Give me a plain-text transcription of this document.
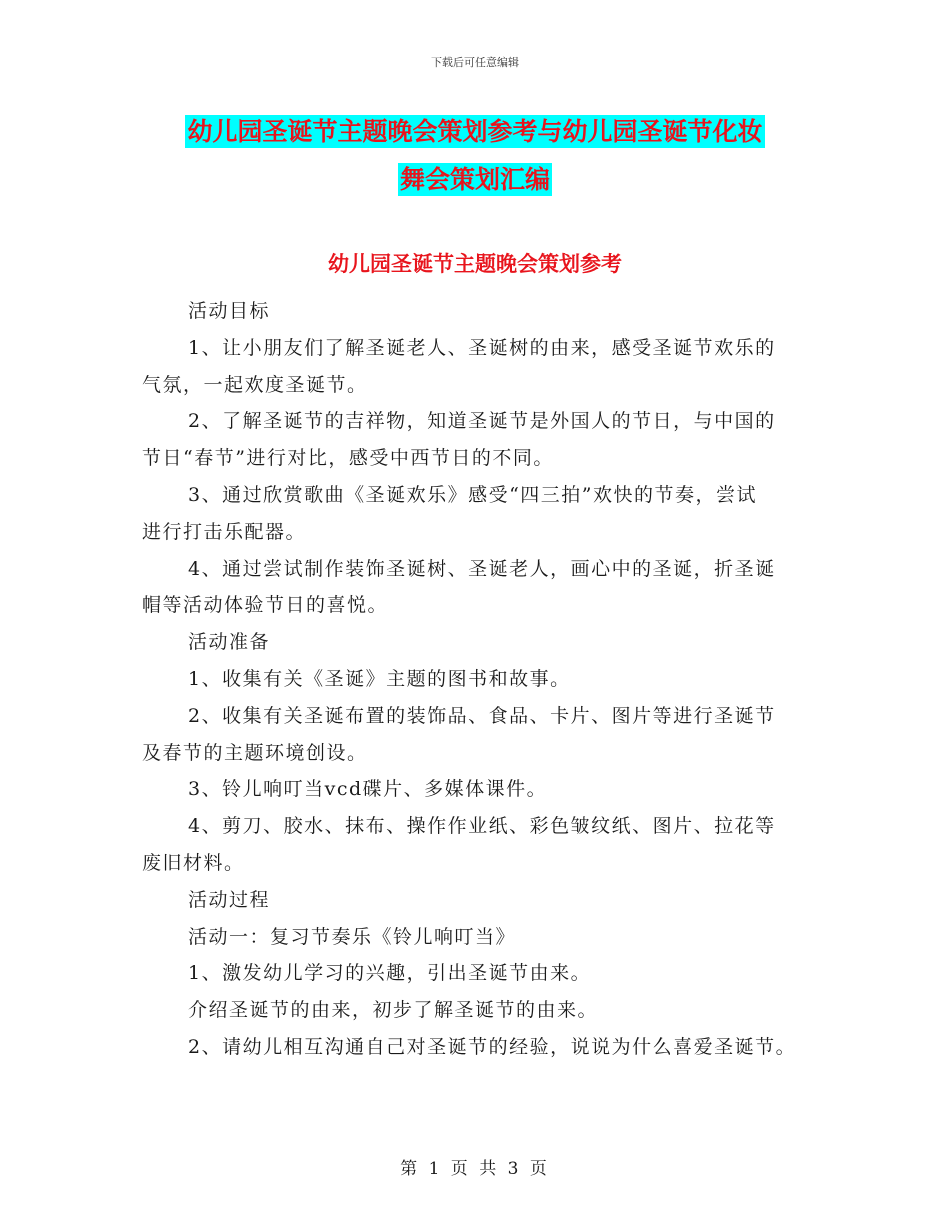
下载后可任意编辑
幼儿园圣诞节主题晚会策划参考与幼儿园圣诞节化妆
舞会策划汇编
幼儿园圣诞节主题晚会策划参考
活动目标
1、让小朋友们了解圣诞老人、圣诞树的由来，感受圣诞节欢乐的
气氛，一起欢度圣诞节。
2、了解圣诞节的吉祥物，知道圣诞节是外国人的节日，与中国的
节日“春节”进行对比，感受中西节日的不同。
3、通过欣赏歌曲《圣诞欢乐》感受“四三拍”欢快的节奏，尝试
进行打击乐配器。
4、通过尝试制作装饰圣诞树、圣诞老人，画心中的圣诞，折圣诞
帽等活动体验节日的喜悦。
活动准备
1、收集有关《圣诞》主题的图书和故事。
2、收集有关圣诞布置的装饰品、食品、卡片、图片等进行圣诞节
及春节的主题环境创设。
3、铃儿响叮当vcd碟片、多媒体课件。
4、剪刀、胶水、抹布、操作作业纸、彩色皱纹纸、图片、拉花等
废旧材料。
活动过程
活动一：复习节奏乐《铃儿响叮当》
1、激发幼儿学习的兴趣，引出圣诞节由来。
介绍圣诞节的由来，初步了解圣诞节的由来。
2、请幼儿相互沟通自己对圣诞节的经验，说说为什么喜爱圣诞节。
第 1 页 共 3 页
